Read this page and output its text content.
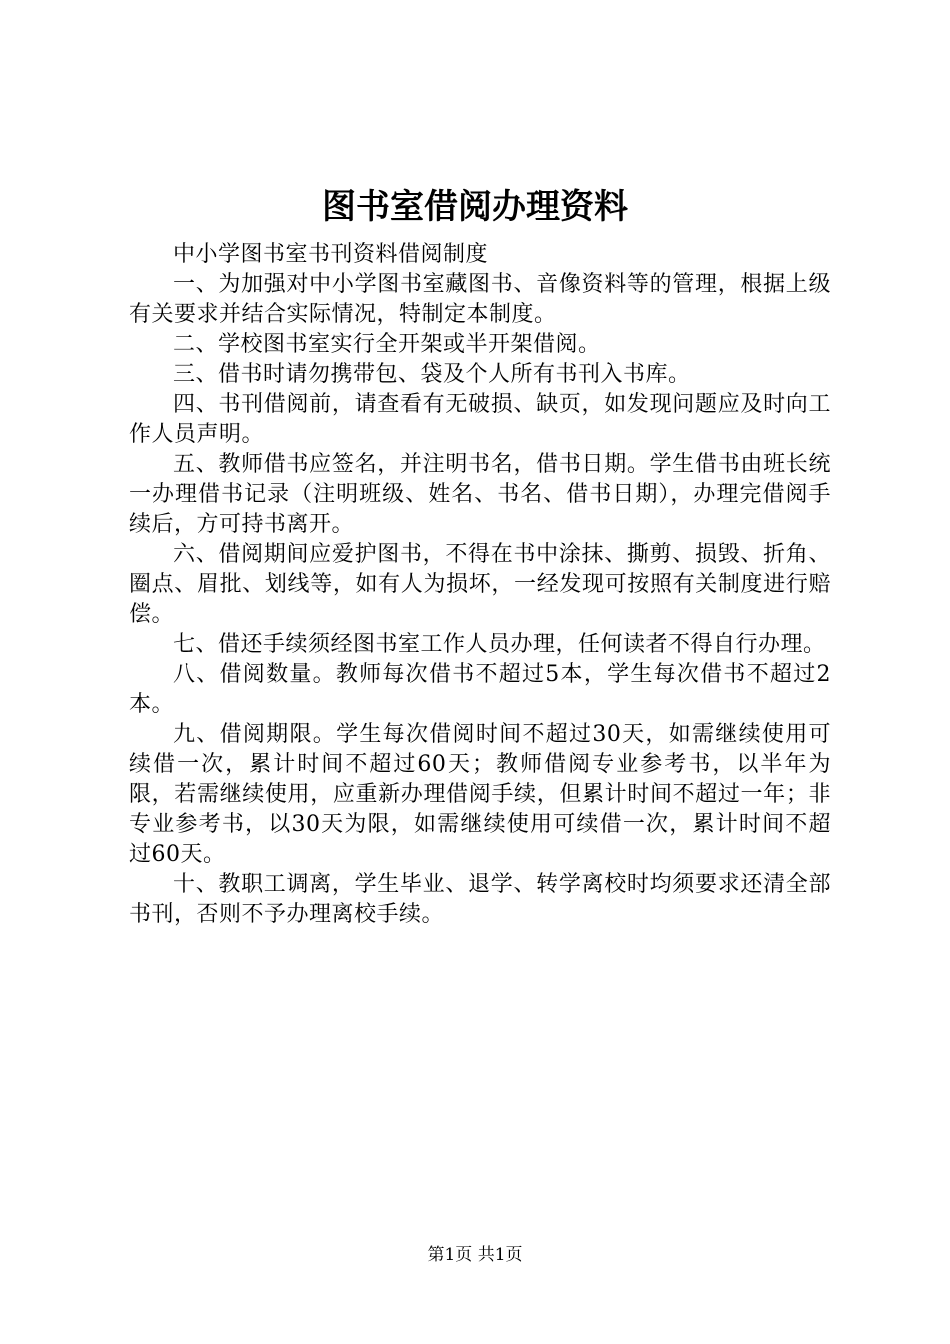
图书室借阅办理资料

中小学图书室书刊资料借阅制度

一、为加强对中小学图书室藏图书、音像资料等的管理，根据上级有关要求并结合实际情况，特制定本制度。

二、学校图书室实行全开架或半开架借阅。

三、借书时请勿携带包、袋及个人所有书刊入书库。

四、书刊借阅前，请查看有无破损、缺页，如发现问题应及时向工作人员声明。

五、教师借书应签名，并注明书名，借书日期。学生借书由班长统一办理借书记录（注明班级、姓名、书名、借书日期），办理完借阅手续后，方可持书离开。

六、借阅期间应爱护图书，不得在书中涂抹、撕剪、损毁、折角、圈点、眉批、划线等，如有人为损坏，一经发现可按照有关制度进行赔偿。

七、借还手续须经图书室工作人员办理，任何读者不得自行办理。

八、借阅数量。教师每次借书不超过5本，学生每次借书不超过2本。

九、借阅期限。学生每次借阅时间不超过30天，如需继续使用可续借一次，累计时间不超过60天；教师借阅专业参考书，以半年为限，若需继续使用，应重新办理借阅手续，但累计时间不超过一年；非专业参考书，以30天为限，如需继续使用可续借一次，累计时间不超过60天。

十、教职工调离，学生毕业、退学、转学离校时均须要求还清全部书刊，否则不予办理离校手续。

第1页 共1页
